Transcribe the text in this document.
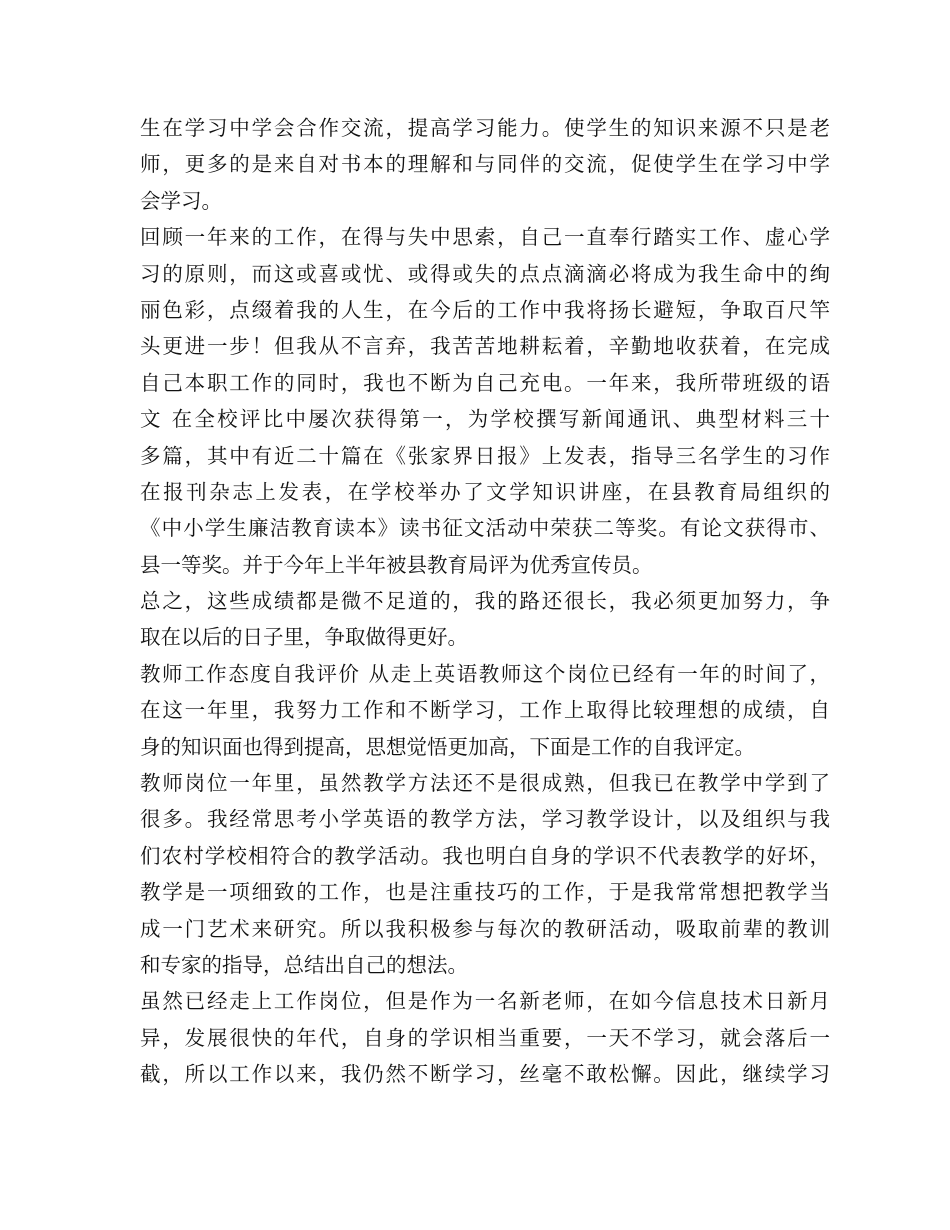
生在学习中学会合作交流，提高学习能力。使学生的知识来源不只是老
师，更多的是来自对书本的理解和与同伴的交流，促使学生在学习中学
会学习。
回顾一年来的工作，在得与失中思索，自己一直奉行踏实工作、虚心学
习的原则，而这或喜或忧、或得或失的点点滴滴必将成为我生命中的绚
丽色彩，点缀着我的人生，在今后的工作中我将扬长避短，争取百尺竿
头更进一步！但我从不言弃，我苦苦地耕耘着，辛勤地收获着，在完成
自己本职工作的同时，我也不断为自己充电。一年来，我所带班级的语
文 在全校评比中屡次获得第一，为学校撰写新闻通讯、典型材料三十
多篇，其中有近二十篇在《张家界日报》上发表，指导三名学生的习作
在报刊杂志上发表，在学校举办了文学知识讲座，在县教育局组织的
《中小学生廉洁教育读本》读书征文活动中荣获二等奖。有论文获得市、
县一等奖。并于今年上半年被县教育局评为优秀宣传员。
总之，这些成绩都是微不足道的，我的路还很长，我必须更加努力，争
取在以后的日子里，争取做得更好。
教师工作态度自我评价 从走上英语教师这个岗位已经有一年的时间了，
在这一年里，我努力工作和不断学习，工作上取得比较理想的成绩，自
身的知识面也得到提高，思想觉悟更加高，下面是工作的自我评定。
教师岗位一年里，虽然教学方法还不是很成熟，但我已在教学中学到了
很多。我经常思考小学英语的教学方法，学习教学设计，以及组织与我
们农村学校相符合的教学活动。我也明白自身的学识不代表教学的好坏，
教学是一项细致的工作，也是注重技巧的工作，于是我常常想把教学当
成一门艺术来研究。所以我积极参与每次的教研活动，吸取前辈的教训
和专家的指导，总结出自己的想法。
虽然已经走上工作岗位，但是作为一名新老师，在如今信息技术日新月
异，发展很快的年代，自身的学识相当重要，一天不学习，就会落后一
截，所以工作以来，我仍然不断学习，丝毫不敢松懈。因此，继续学习
